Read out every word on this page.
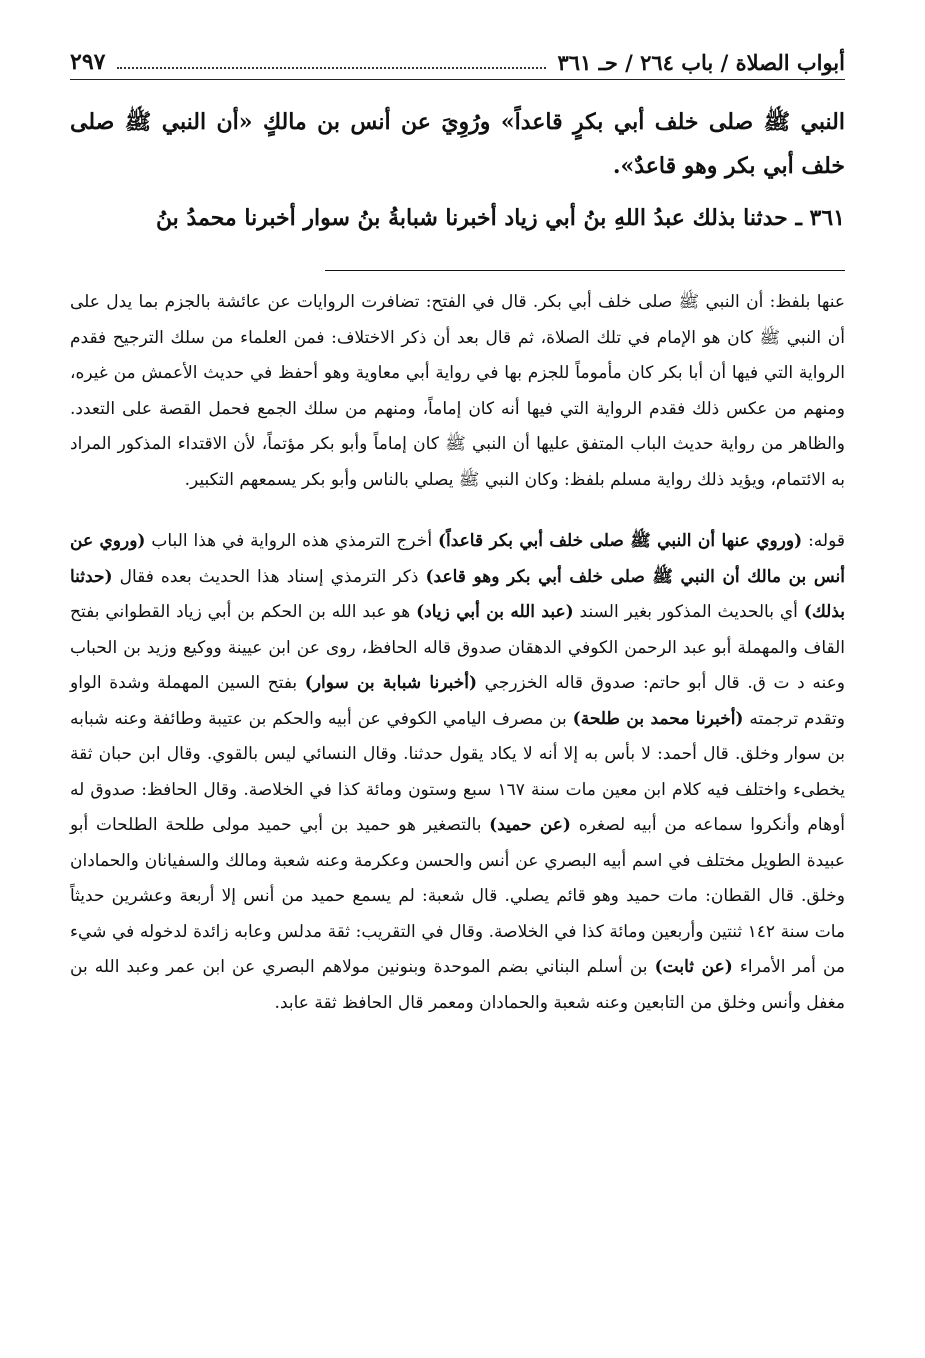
أبواب الصلاة / باب ٢٦٤ / حـ ٣٦١
٢٩٧

النبي ﷺ صلى خلف أبي بكرٍ قاعداً» ورُوِيَ عن أنس بن مالكٍ «أن النبي ﷺ صلى خلف أبي بكر وهو قاعدٌ».

٣٦١ ـ حدثنا بذلك عبدُ اللهِ بنُ أبي زياد أخبرنا شبابةُ بنُ سوار أخبرنا محمدُ بنُ

عنها بلفظ: أن النبي ﷺ صلى خلف أبي بكر. قال في الفتح: تضافرت الروايات عن عائشة بالجزم بما يدل على أن النبي ﷺ كان هو الإمام في تلك الصلاة، ثم قال بعد أن ذكر الاختلاف: فمن العلماء من سلك الترجيح فقدم الرواية التي فيها أن أبا بكر كان مأموماً للجزم بها في رواية أبي معاوية وهو أحفظ في حديث الأعمش من غيره، ومنهم من عكس ذلك فقدم الرواية التي فيها أنه كان إماماً، ومنهم من سلك الجمع فحمل القصة على التعدد. والظاهر من رواية حديث الباب المتفق عليها أن النبي ﷺ كان إماماً وأبو بكر مؤتماً، لأن الاقتداء المذكور المراد به الائتمام، ويؤيد ذلك رواية مسلم بلفظ: وكان النبي ﷺ يصلي بالناس وأبو بكر يسمعهم التكبير.

قوله: (وروي عنها أن النبي ﷺ صلى خلف أبي بكر قاعداً) أخرج الترمذي هذه الرواية في هذا الباب (وروي عن أنس بن مالك أن النبي ﷺ صلى خلف أبي بكر وهو قاعد) ذكر الترمذي إسناد هذا الحديث بعده فقال (حدثنا بذلك) أي بالحديث المذكور بغير السند (عبد الله بن أبي زياد) هو عبد الله بن الحكم بن أبي زياد القطواني بفتح القاف والمهملة أبو عبد الرحمن الكوفي الدهقان صدوق قاله الحافظ، روى عن ابن عيينة ووكيع وزيد بن الحباب وعنه د ت ق. قال أبو حاتم: صدوق قاله الخزرجي (أخبرنا شبابة بن سوار) بفتح السين المهملة وشدة الواو وتقدم ترجمته (أخبرنا محمد بن طلحة) بن مصرف اليامي الكوفي عن أبيه والحكم بن عتيبة وطائفة وعنه شبابه بن سوار وخلق. قال أحمد: لا بأس به إلا أنه لا يكاد يقول حدثنا. وقال النسائي ليس بالقوي. وقال ابن حبان ثقة يخطىء واختلف فيه كلام ابن معين مات سنة ١٦٧ سبع وستون ومائة كذا في الخلاصة. وقال الحافظ: صدوق له أوهام وأنكروا سماعه من أبيه لصغره (عن حميد) بالتصغير هو حميد بن أبي حميد مولى طلحة الطلحات أبو عبيدة الطويل مختلف في اسم أبيه البصري عن أنس والحسن وعكرمة وعنه شعبة ومالك والسفيانان والحمادان وخلق. قال القطان: مات حميد وهو قائم يصلي. قال شعبة: لم يسمع حميد من أنس إلا أربعة وعشرين حديثاً مات سنة ١٤٢ ثنتين وأربعين ومائة كذا في الخلاصة. وقال في التقريب: ثقة مدلس وعابه زائدة لدخوله في شيء من أمر الأمراء (عن ثابت) بن أسلم البناني بضم الموحدة وبنونين مولاهم البصري عن ابن عمر وعبد الله بن مغفل وأنس وخلق من التابعين وعنه شعبة والحمادان ومعمر قال الحافظ ثقة عابد.
